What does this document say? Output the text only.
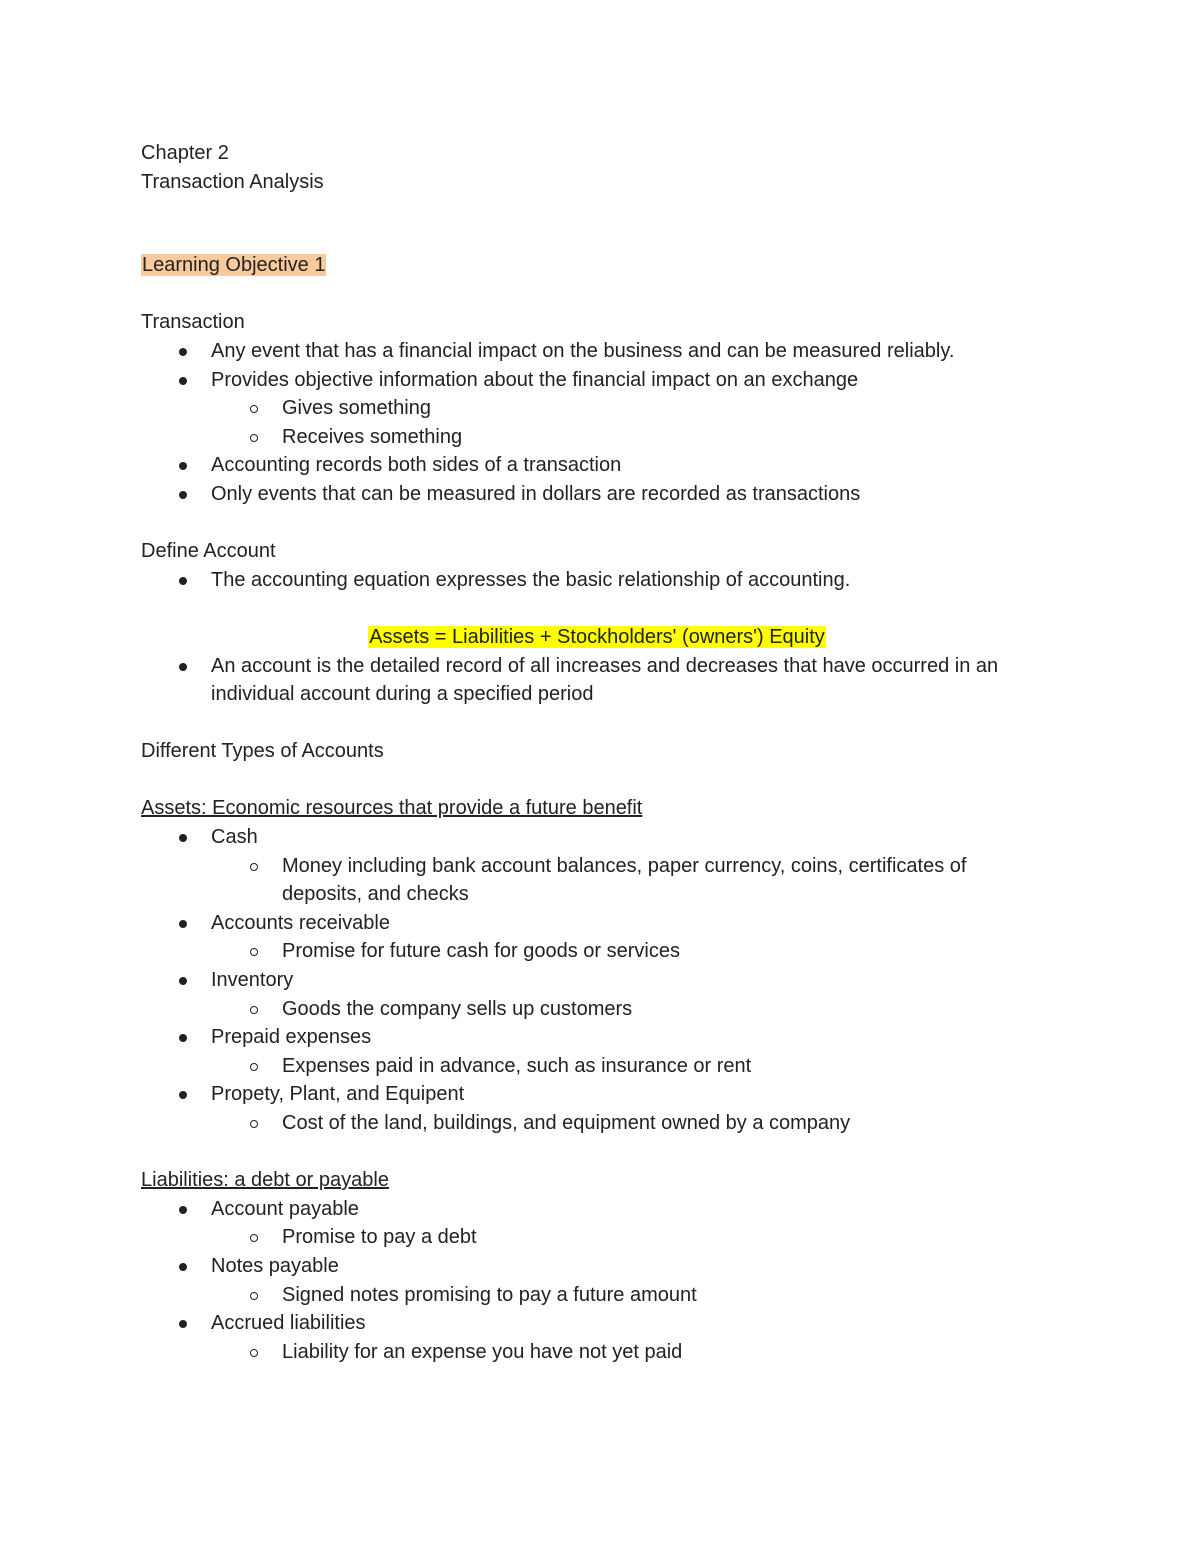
Chapter 2

Transaction Analysis

Learning Objective 1

Transaction

Any event that has a financial impact on the business and can be measured reliably.
Provides objective information about the financial impact on an exchange
Gives something
Receives something
Accounting records both sides of a transaction
Only events that can be measured in dollars are recorded as transactions

Define Account

The accounting equation expresses the basic relationship of accounting.

Assets = Liabilities + Stockholders' (owners') Equity

An account is the detailed record of all increases and decreases that have occurred in an individual account during a specified period

Different Types of Accounts

Assets: Economic resources that provide a future benefit

Cash
Money including bank account balances, paper currency, coins, certificates of deposits, and checks
Accounts receivable
Promise for future cash for goods or services
Inventory
Goods the company sells up customers
Prepaid expenses
Expenses paid in advance, such as insurance or rent
Propety, Plant, and Equipent
Cost of the land, buildings, and equipment owned by a company

Liabilities: a debt or payable

Account payable
Promise to pay a debt
Notes payable
Signed notes promising to pay a future amount
Accrued liabilities
Liability for an expense you have not yet paid
